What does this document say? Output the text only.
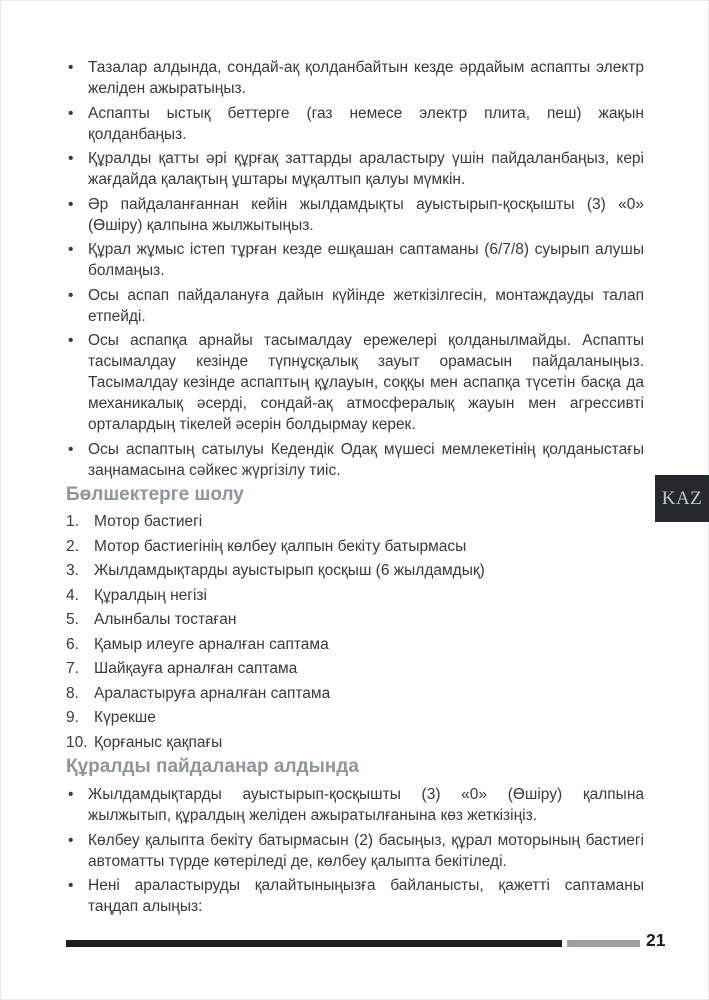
• Тазалар алдында, сондай-ақ қолданбайтын кезде әрдайым аспапты электр желіден ажыратыңыз.
• Аспапты ыстық беттерге (газ немесе электр плита, пеш) жақын қолданбаңыз.
• Құралды қатты әрі құрғақ заттарды араластыру үшін пайдаланбаңыз, кері жағдайда қалақтың ұштары мұқалтып қалуы мүмкін.
• Әр пайдаланғаннан кейін жылдамдықты ауыстырып-қосқышты (3) «0» (Өшіру) қалпына жылжытыңыз.
• Құрал жұмыс істеп тұрған кезде ешқашан саптаманы (6/7/8) суырып алушы болмаңыз.
• Осы аспап пайдалануға дайын күйінде жеткізілгесін, монтаждауды талап етпейді.
• Осы аспапқа арнайы тасымалдау ережелері қолданылмайды. Аспапты тасымалдау кезінде түпнұсқалық зауыт орамасын пайдаланыңыз. Тасымалдау кезінде аспаптың құлауын, соққы мен аспапқа түсетін басқа да механикалық әсерді, сондай-ақ атмосфералық жауын мен агрессивті орталардың тікелей әсерін болдырмау керек.
• Осы аспаптың сатылуы Кедендік Одақ мүшесі мемлекетінің қолданыстағы заңнамасына сәйкес жүргізілу тиіс.
Бөлшектерге шолу
1. Мотор бастиегі
2. Мотор бастиегінің көлбеу қалпын бекіту батырмасы
3. Жылдамдықтарды ауыстырып қосқыш (6 жылдамдық)
4. Құралдың негізі
5. Алынбалы тостаған
6. Қамыр илеуге арналған саптама
7. Шайқауға арналған саптама
8. Араластыруға арналған саптама
9. Күрекше
10. Қорғаныс қақпағы
Құралды пайдаланар алдында
• Жылдамдықтарды ауыстырып-қосқышты (3) «0» (Өшіру) қалпына жылжытып, құралдың желіден ажыратылғанына көз жеткізіңіз.
• Көлбеу қалыпта бекіту батырмасын (2) басыңыз, құрал моторының бастиегі автоматты түрде көтеріледі де, көлбеу қалыпта бекітіледі.
• Нені араластыруды қалайтыныңызға байланысты, қажетті саптаманы таңдап алыңыз:
KAZ
21
